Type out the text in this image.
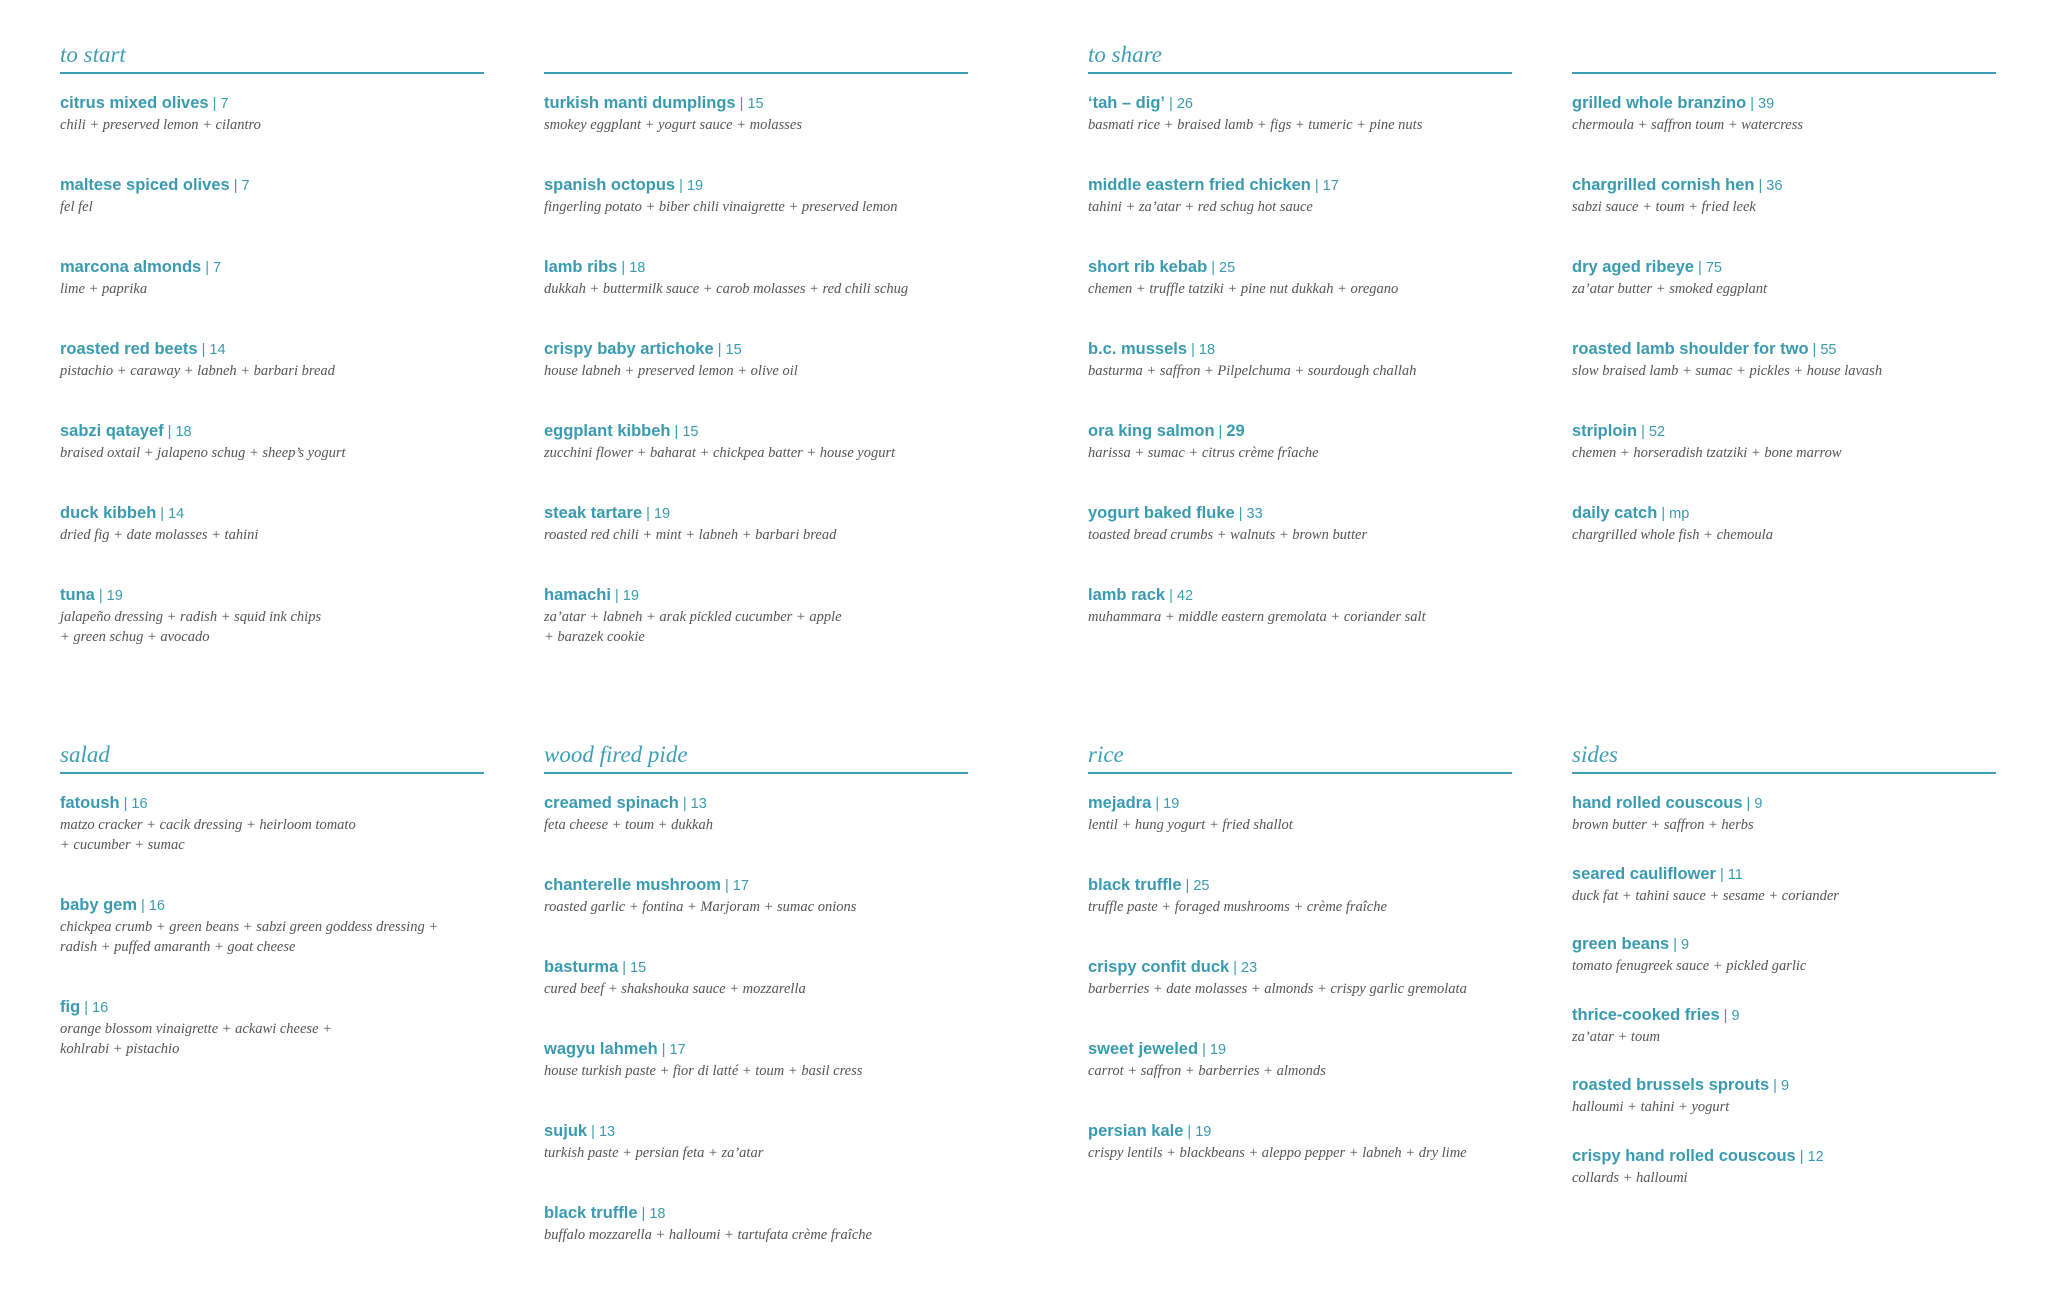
to start
citrus mixed olives | 7
chili + preserved lemon + cilantro
maltese spiced olives | 7
fel fel
marcona almonds | 7
lime + paprika
roasted red beets | 14
pistachio + caraway + labneh + barbari bread
sabzi qatayef | 18
braised oxtail + jalapeno schug + sheep’s yogurt
duck kibbeh | 14
dried fig + date molasses + tahini
tuna | 19
jalapeño dressing + radish + squid ink chips
+ green schug + avocado
turkish manti dumplings | 15
smokey eggplant + yogurt sauce + molasses
spanish octopus | 19
fingerling potato + biber chili vinaigrette + preserved lemon
lamb ribs | 18
dukkah + buttermilk sauce + carob molasses + red chili schug
crispy baby artichoke | 15
house labneh + preserved lemon + olive oil
eggplant kibbeh | 15
zucchini flower + baharat + chickpea batter + house yogurt
steak tartare | 19
roasted red chili + mint + labneh + barbari bread
hamachi | 19
za’atar + labneh + arak pickled cucumber + apple
+ barazek cookie
to share
‘tah – dig’ | 26
basmati rice + braised lamb + figs + tumeric + pine nuts
middle eastern fried chicken | 17
tahini + za’atar + red schug hot sauce
short rib kebab | 25
chemen + truffle tatziki + pine nut dukkah + oregano
b.c. mussels | 18
basturma + saffron + Pilpelchuma + sourdough challah
ora king salmon | 29
harissa + sumac + citrus crème frîache
yogurt baked fluke | 33
toasted bread crumbs + walnuts + brown butter
lamb rack | 42
muhammara + middle eastern gremolata + coriander salt
grilled whole branzino | 39
chermoula + saffron toum + watercress
chargrilled cornish hen | 36
sabzi sauce + toum + fried leek
dry aged ribeye | 75
za’atar butter + smoked eggplant
roasted lamb shoulder for two | 55
slow braised lamb + sumac + pickles + house lavash
striploin | 52
chemen + horseradish tzatziki + bone marrow
daily catch | mp
chargrilled whole fish + chemoula
salad
fatoush | 16
matzo cracker + cacik dressing + heirloom tomato
+ cucumber + sumac
baby gem | 16
chickpea crumb + green beans + sabzi green goddess dressing +
radish + puffed amaranth + goat cheese
fig | 16
orange blossom vinaigrette + ackawi cheese +
kohlrabi + pistachio
wood fired pide
creamed spinach | 13
feta cheese + toum + dukkah
chanterelle mushroom | 17
roasted garlic + fontina + Marjoram + sumac onions
basturma | 15
cured beef + shakshouka sauce + mozzarella
wagyu lahmeh | 17
house turkish paste + fior di latté + toum + basil cress
sujuk | 13
turkish paste + persian feta + za’atar
black truffle | 18
buffalo mozzarella + halloumi + tartufata crème fraîche
rice
mejadra | 19
lentil + hung yogurt + fried shallot
black truffle | 25
truffle paste + foraged mushrooms + crème fraîche
crispy confit duck | 23
barberries + date molasses + almonds + crispy garlic gremolata
sweet jeweled | 19
carrot + saffron + barberries + almonds
persian kale | 19
crispy lentils + blackbeans + aleppo pepper + labneh + dry lime
sides
hand rolled couscous | 9
brown butter + saffron + herbs
seared cauliflower | 11
duck fat + tahini sauce + sesame + coriander
green beans | 9
tomato fenugreek sauce + pickled garlic
thrice-cooked fries | 9
za’atar + toum
roasted brussels sprouts | 9
halloumi + tahini + yogurt
crispy hand rolled couscous | 12
collards + halloumi
